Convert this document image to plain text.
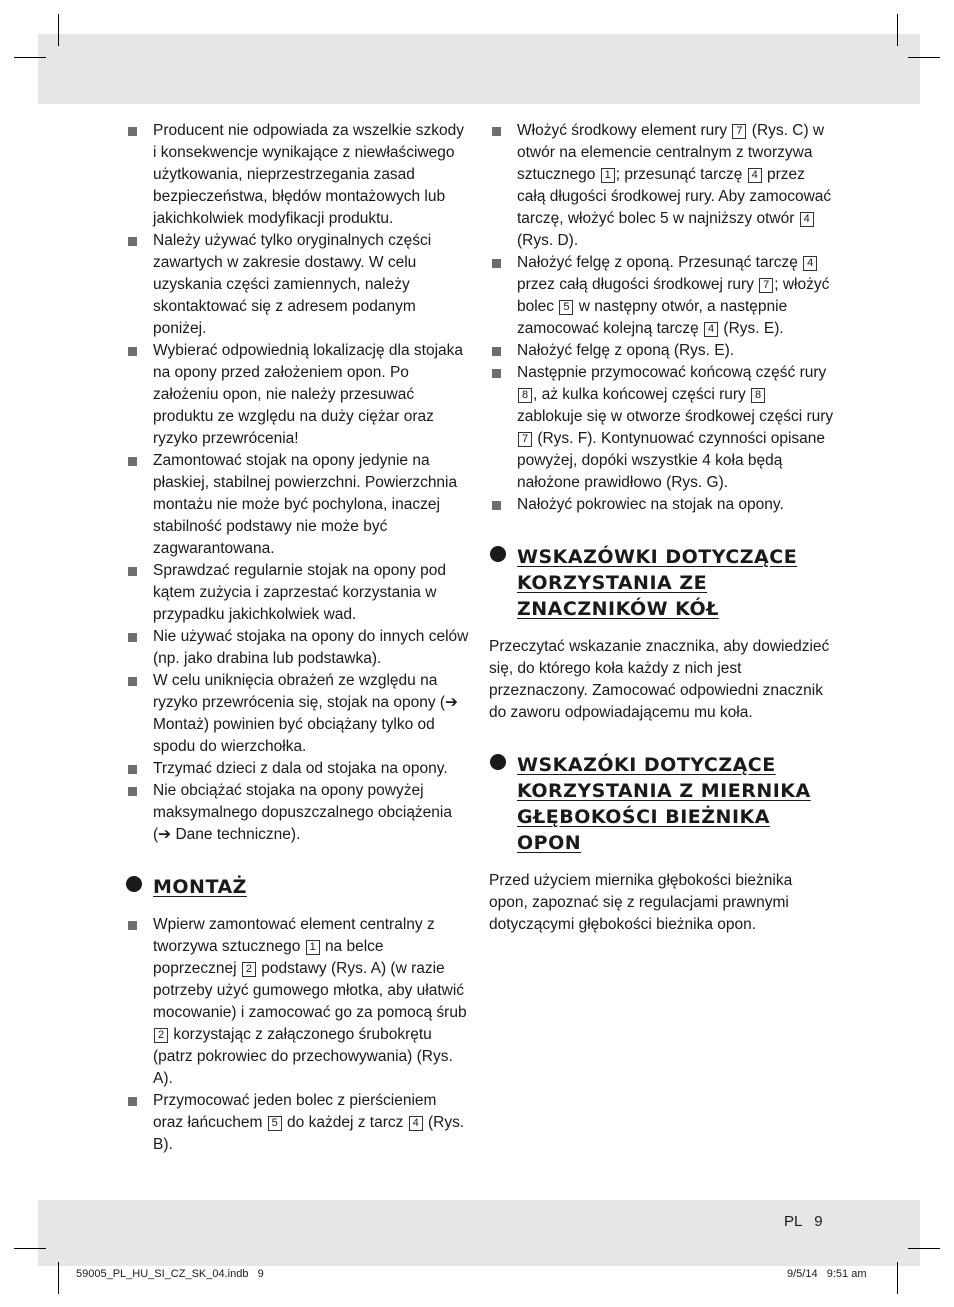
Producent nie odpowiada za wszelkie szkody i konsekwencje wynikające z niewłaściwego użytkowania, nieprzestrzegania zasad bezpieczeństwa, błędów montażowych lub jakichkolwiek modyfikacji produktu.

Należy używać tylko oryginalnych części zawartych w zakresie dostawy. W celu uzyskania części zamiennych, należy skontaktować się z adresem podanym poniżej.

Wybierać odpowiednią lokalizację dla stojaka na opony przed założeniem opon. Po założeniu opon, nie należy przesuwać produktu ze względu na duży ciężar oraz ryzyko przewrócenia!

Zamontować stojak na opony jedynie na płaskiej, stabilnej powierzchni. Powierzchnia montażu nie może być pochylona, inaczej stabilność podstawy nie może być zagwarantowana.

Sprawdzać regularnie stojak na opony pod kątem zużycia i zaprzestać korzystania w przypadku jakichkolwiek wad.

Nie używać stojaka na opony do innych celów (np. jako drabina lub podstawka).

W celu uniknięcia obrażeń ze względu na ryzyko przewrócenia się, stojak na opony (➔ Montaż) powinien być obciążany tylko od spodu do wierzchołka.

Trzymać dzieci z dala od stojaka na opony.

Nie obciążać stojaka na opony powyżej maksymalnego dopuszczalnego obciążenia (➔ Dane techniczne).

MONTAŻ

Wpierw zamontować element centralny z tworzywa sztucznego 1 na belce poprzecznej 2 podstawy (Rys. A) (w razie potrzeby użyć gumowego młotka, aby ułatwić mocowanie) i zamocować go za pomocą śrub 2 korzystając z załączonego śrubokrętu (patrz pokrowiec do przechowywania) (Rys. A).

Przymocować jeden bolec z pierścieniem oraz łańcuchem 5 do każdej z tarcz 4 (Rys. B).

Włożyć środkowy element rury 7 (Rys. C) w otwór na elemencie centralnym z tworzywa sztucznego 1 ; przesunąć tarczę 4 przez całą długości środkowej rury. Aby zamocować tarczę, włożyć bolec 5 w najniższy otwór 4 (Rys. D).

Nałożyć felgę z oponą. Przesunąć tarczę 4 przez całą długości środkowej rury 7 ; włożyć bolec 5 w następny otwór, a następnie zamocować kolejną tarczę 4 (Rys. E).

Nałożyć felgę z oponą (Rys. E).

Następnie przymocować końcową część rury 8 , aż kulka końcowej części rury 8 zablokuje się w otworze środkowej części rury 7 (Rys. F). Kontynuować czynności opisane powyżej, dopóki wszystkie 4 koła będą nałożone prawidłowo (Rys. G).

Nałożyć pokrowiec na stojak na opony.

WSKAZÓWKI DOTYCZĄCE KORZYSTANIA ZE ZNACZNIKÓW KÓŁ

Przeczytać wskazanie znacznika, aby dowiedzieć się, do którego koła każdy z nich jest przeznaczony. Zamocować odpowiedni znacznik do zaworu odpowiadającemu mu koła.

WSKAZÓKI DOTYCZĄCE KORZYSTANIA Z MIERNIKA GŁĘBOKOŚCI BIEŻNIKA OPON

Przed użyciem miernika głębokości bieżnika opon, zapoznać się z regulacjami prawnymi dotyczącymi głębokości bieżnika opon.

PL   9
59005_PL_HU_SI_CZ_SK_04.indb   9	9/5/14   9:51 am
